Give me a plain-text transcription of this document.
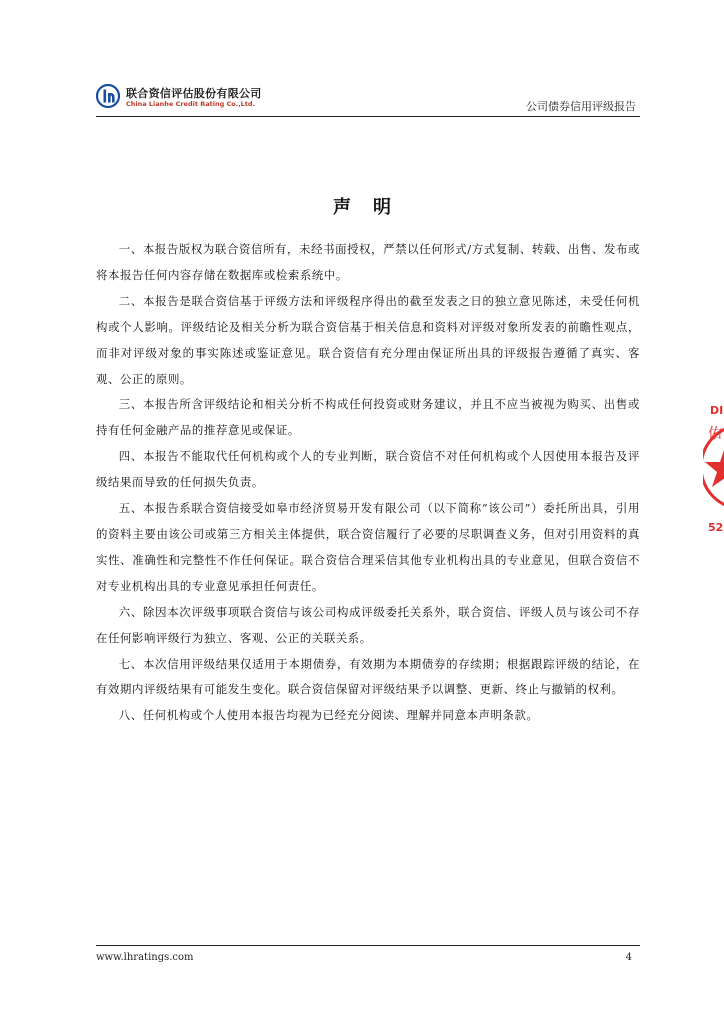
联合资信评估股份有限公司
China Lianhe Credit Rating Co.,Ltd.	公司债券信用评级报告
声明

一、本报告版权为联合资信所有，未经书面授权，严禁以任何形式/方式复制、转载、出售、发布或将本报告任何内容存储在数据库或检索系统中。

二、本报告是联合资信基于评级方法和评级程序得出的截至发表之日的独立意见陈述，未受任何机构或个人影响。评级结论及相关分析为联合资信基于相关信息和资料对评级对象所发表的前瞻性观点，而非对评级对象的事实陈述或鉴证意见。联合资信有充分理由保证所出具的评级报告遵循了真实、客观、公正的原则。

三、本报告所含评级结论和相关分析不构成任何投资或财务建议，并且不应当被视为购买、出售或持有任何金融产品的推荐意见或保证。

四、本报告不能取代任何机构或个人的专业判断，联合资信不对任何机构或个人因使用本报告及评级结果而导致的任何损失负责。

五、本报告系联合资信接受如皋市经济贸易开发有限公司（以下简称“该公司”）委托所出具，引用的资料主要由该公司或第三方相关主体提供，联合资信履行了必要的尽职调查义务，但对引用资料的真实性、准确性和完整性不作任何保证。联合资信合理采信其他专业机构出具的专业意见，但联合资信不对专业机构出具的专业意见承担任何责任。

六、除因本次评级事项联合资信与该公司构成评级委托关系外，联合资信、评级人员与该公司不存在任何影响评级行为独立、客观、公正的关联关系。

七、本次信用评级结果仅适用于本期债券，有效期为本期债券的存续期；根据跟踪评级的结论，在有效期内评级结果有可能发生变化。联合资信保留对评级结果予以调整、更新、终止与撤销的权利。

八、任何机构或个人使用本报告均视为已经充分阅读、理解并同意本声明条款。

DI
佑
52
www.lhratings.com	4
